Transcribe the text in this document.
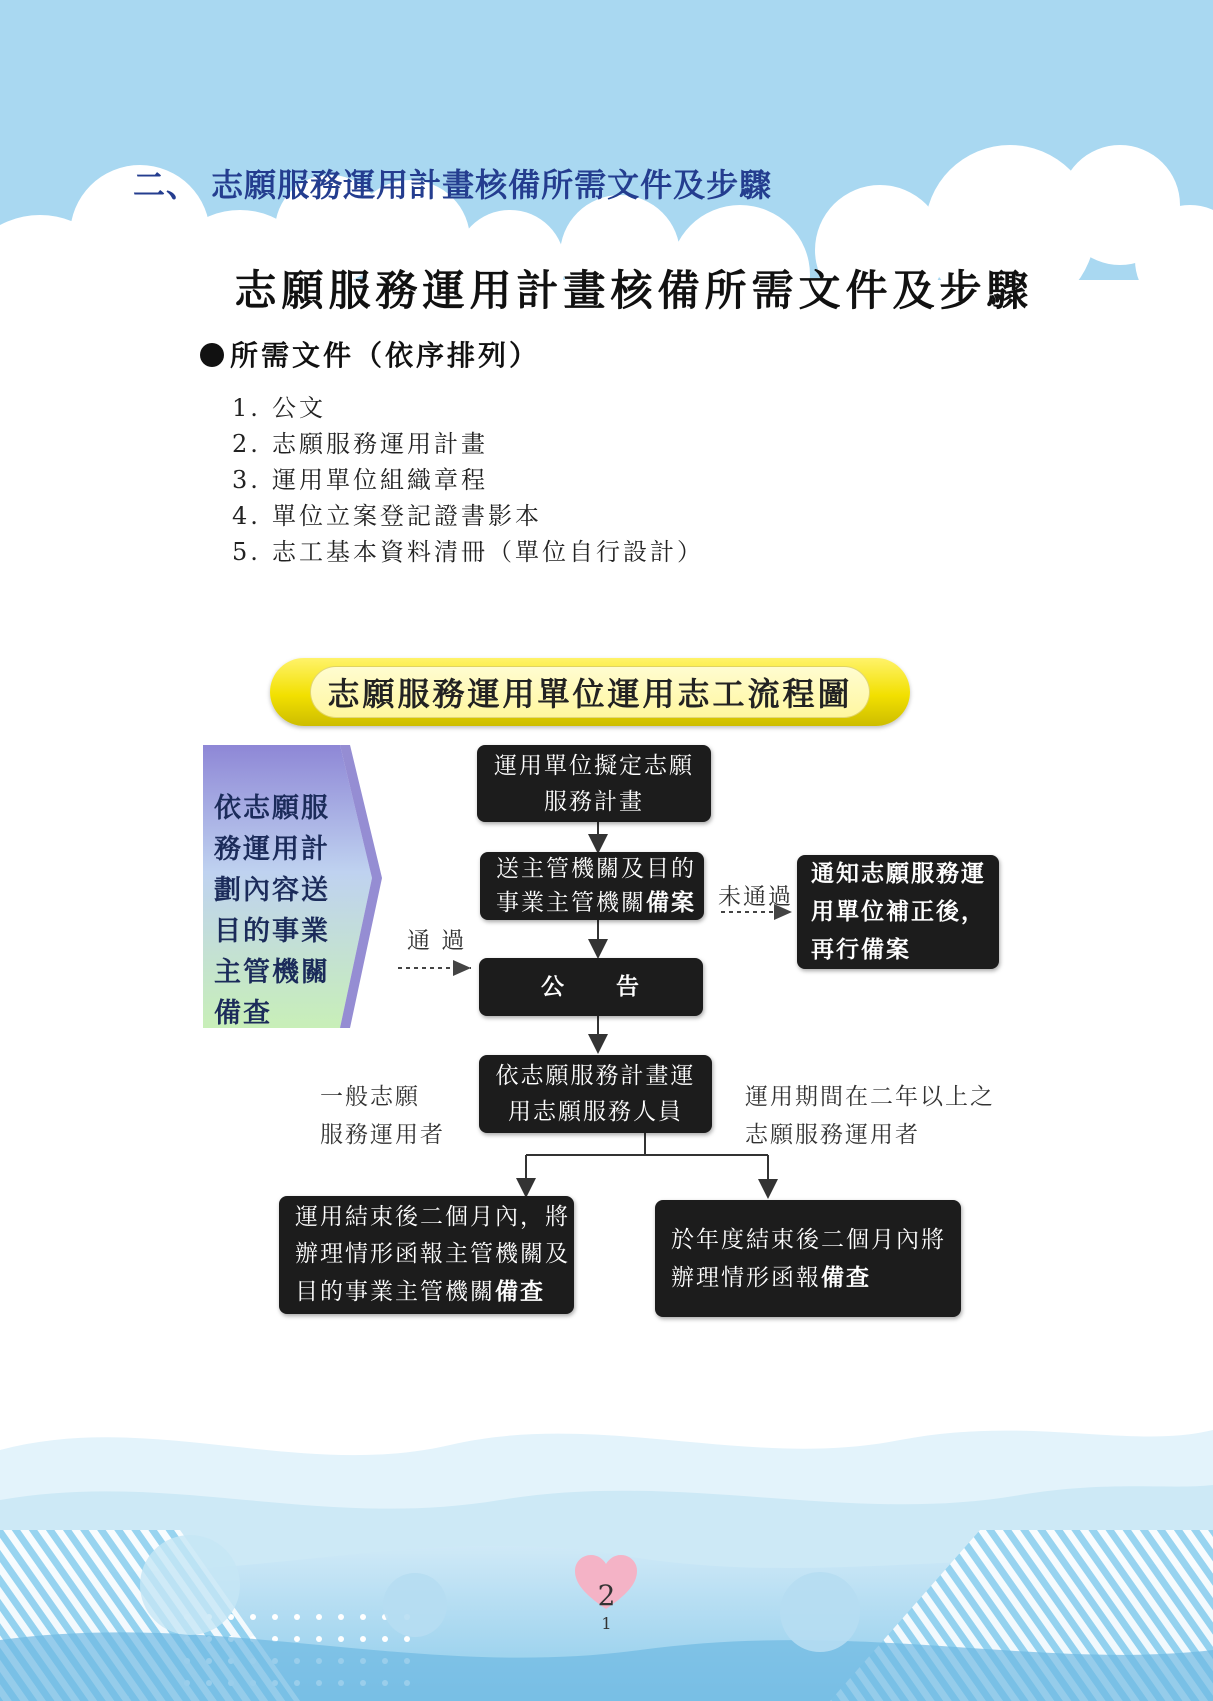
二、 志願服務運用計畫核備所需文件及步驟
志願服務運用計畫核備所需文件及步驟
所需文件（依序排列）
1. 公文
2. 志願服務運用計畫
3. 運用單位組織章程
4. 單位立案登記證書影本
5. 志工基本資料清冊（單位自行設計）
志願服務運用單位運用志工流程圖
依志願服務運用計劃內容送目的事業主管機關備查
運用單位擬定志願服務計畫
送主管機關及目的
事業主管機關備案 未通過
通知志願服務運用單位補正後，再行備案
通 過
公　　告
依志願服務計畫運用志願服務人員
一般志願
服務運用者
運用期間在二年以上之
志願服務運用者
運用結束後二個月內，將
辦理情形函報主管機關及
目的事業主管機關備查
於年度結束後二個月內將
辦理情形函報備查
2
1
